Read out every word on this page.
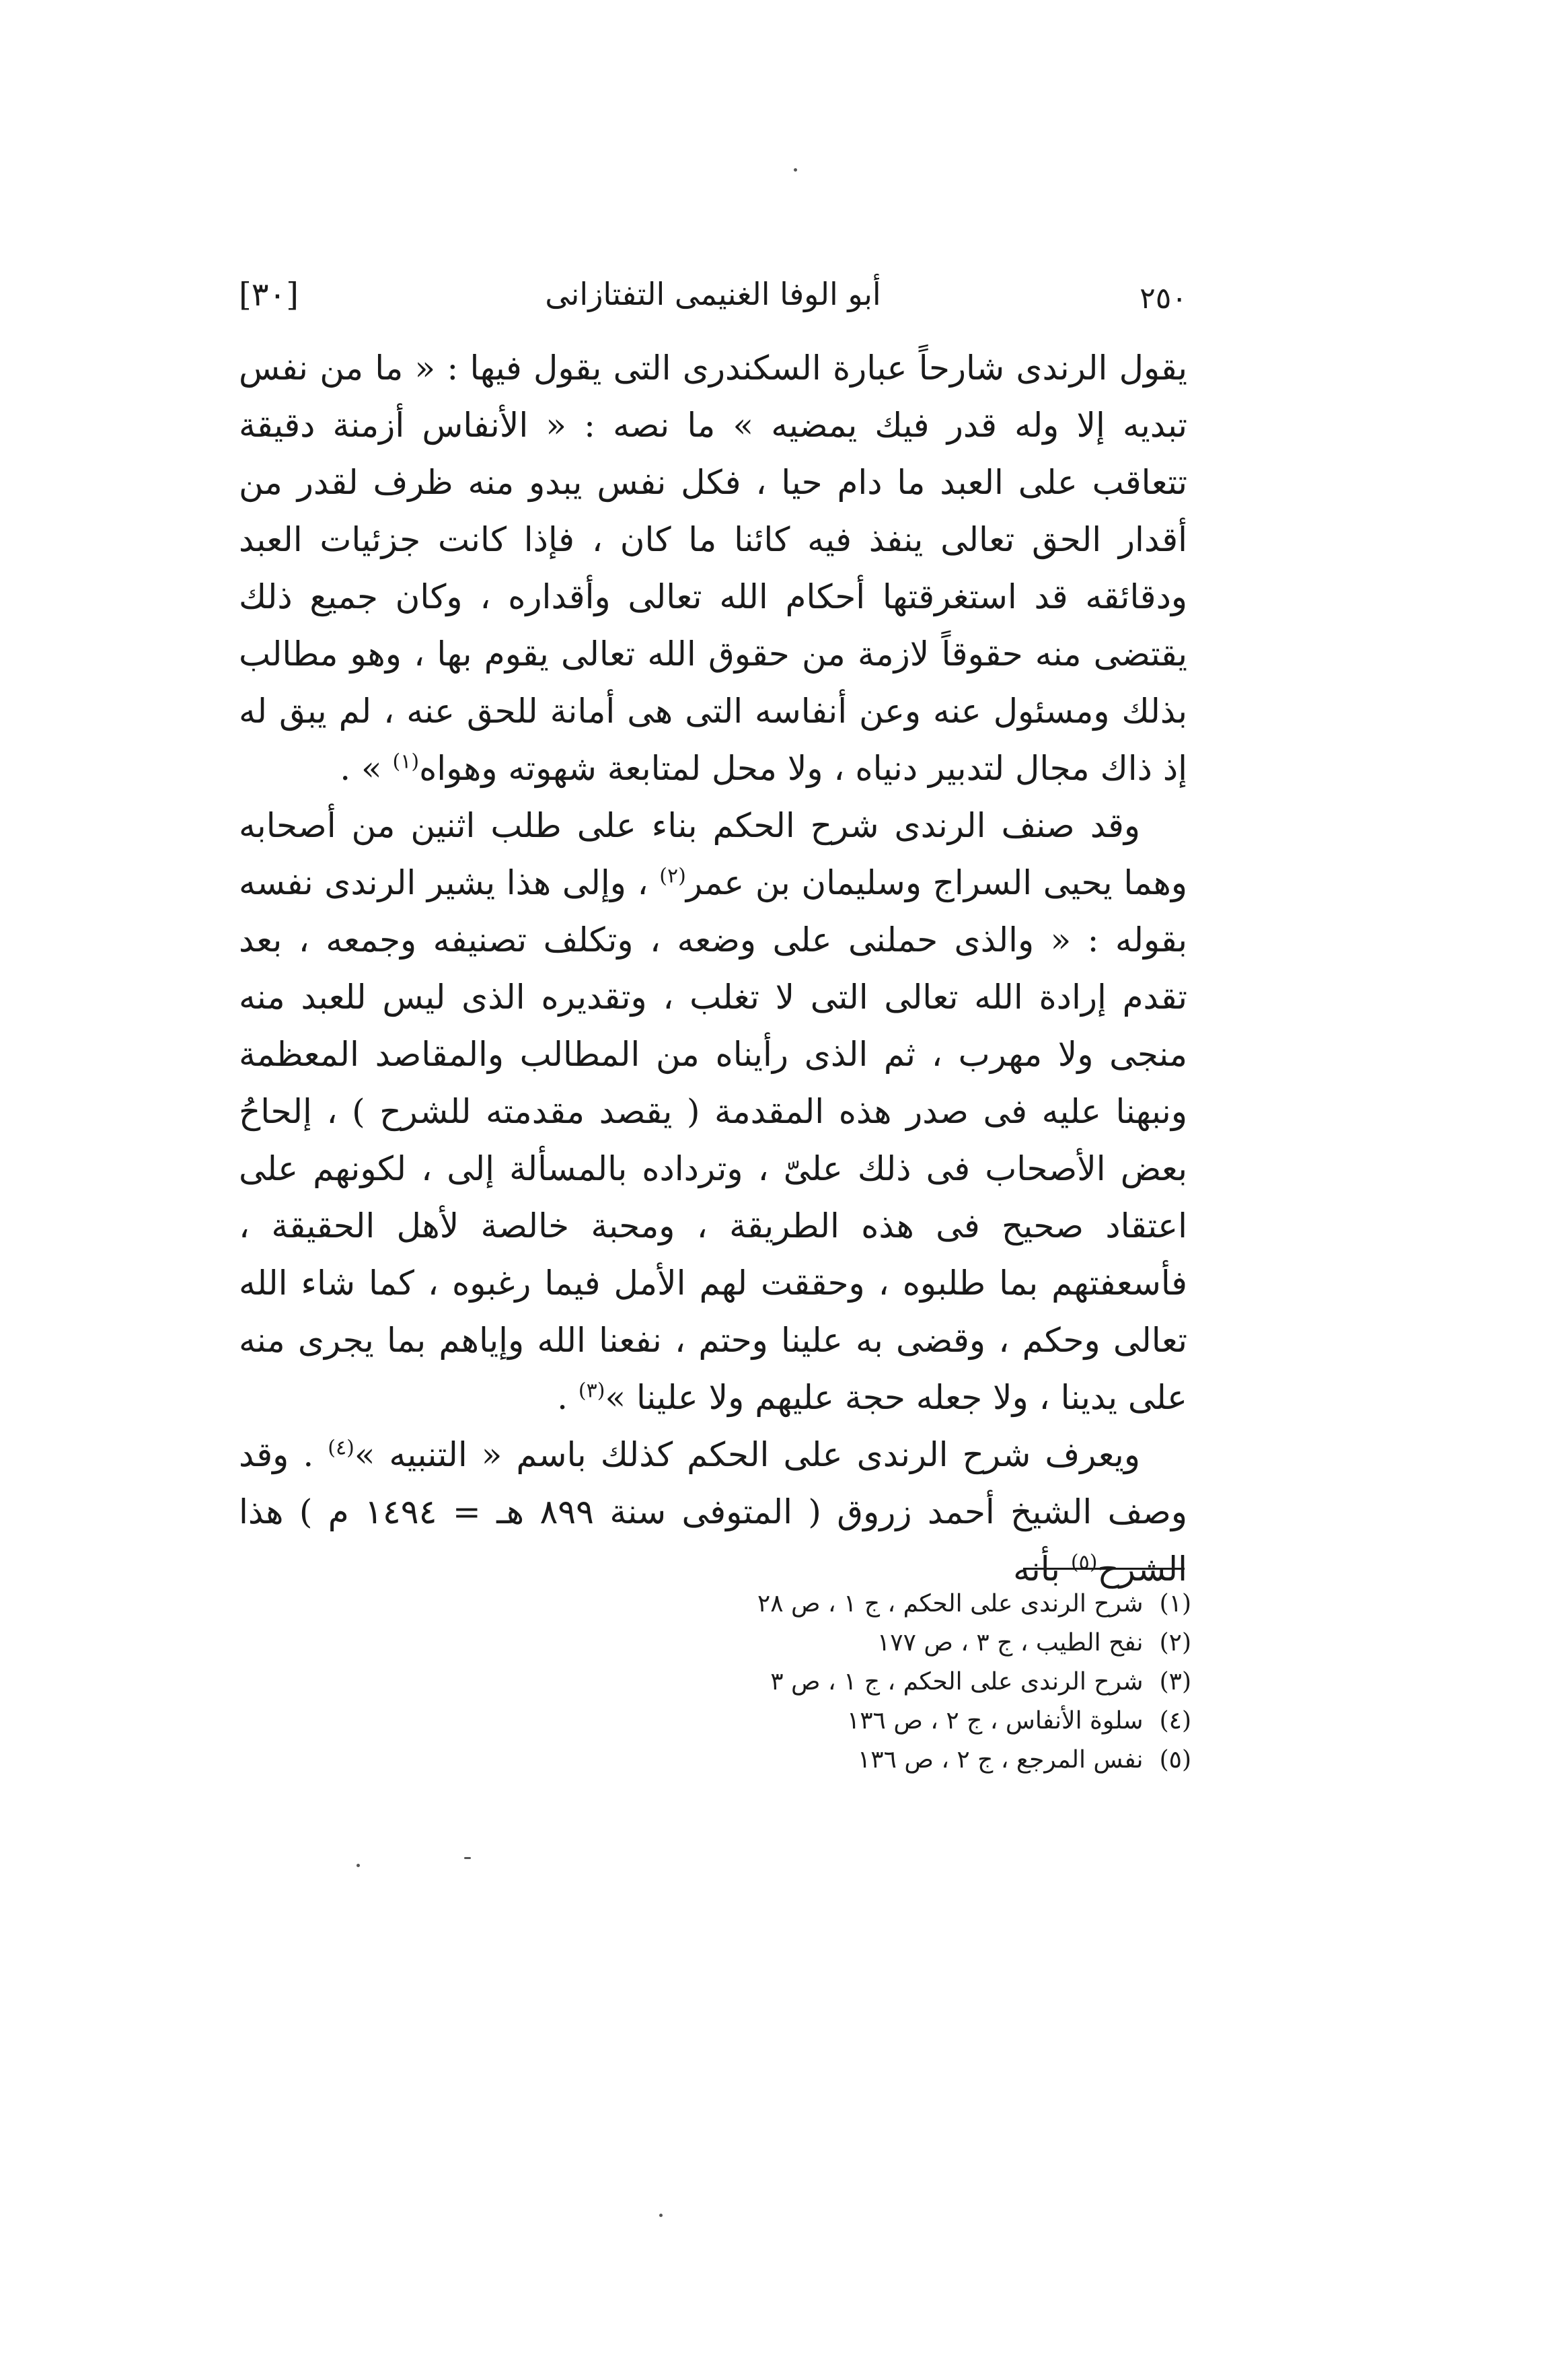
٢٥٠
أبو الوفا الغنيمى التفتازانى
[٣٠]

يقول الرندى شارحاً عبارة السكندرى التى يقول فيها : « ما من نفس تبديه إلا وله قدر فيك يمضيه » ما نصه : « الأنفاس أزمنة دقيقة تتعاقب على العبد ما دام حيا ، فكل نفس يبدو منه ظرف لقدر من أقدار الحق تعالى ينفذ فيه كائنا ما كان ، فإذا كانت جزئيات العبد ودقائقه قد استغرقتها أحكام الله تعالى وأقداره ، وكان جميع ذلك يقتضى منه حقوقاً لازمة من حقوق الله تعالى يقوم بها ، وهو مطالب بذلك ومسئول عنه وعن أنفاسه التى هى أمانة للحق عنه ، لم يبق له إذ ذاك مجال لتدبير دنياه ، ولا محل لمتابعة شهوته وهواه$^{(١)}$ » .

وقد صنف الرندى شرح الحكم بناء على طلب اثنين من أصحابه وهما يحيى السراج وسليمان بن عمر$^{(٢)}$ ، وإلى هذا يشير الرندى نفسه بقوله : « والذى حملنى على وضعه ، وتكلف تصنيفه وجمعه ، بعد تقدم إرادة الله تعالى التى لا تغلب ، وتقديره الذى ليس للعبد منه منجى ولا مهرب ، ثم الذى رأيناه من المطالب والمقاصد المعظمة ونبهنا عليه فى صدر هذه المقدمة ( يقصد مقدمته للشرح ) ، إلحاحُ بعض الأصحاب فى ذلك علىّ ، وترداده بالمسألة إلى ، لكونهم على اعتقاد صحيح فى هذه الطريقة ، ومحبة خالصة لأهل الحقيقة ، فأسعفتهم بما طلبوه ، وحققت لهم الأمل فيما رغبوه ، كما شاء الله تعالى وحكم ، وقضى به علينا وحتم ، نفعنا الله وإياهم بما يجرى منه على يدينا ، ولا جعله حجة عليهم ولا علينا »$^{(٣)}$ .

ويعرف شرح الرندى على الحكم كذلك باسم « التنبيه »$^{(٤)}$ . وقد وصف الشيخ أحمد زروق ( المتوفى سنة ٨٩٩ هـ = ١٤٩٤ م ) هذا الشرح$^{(٥)}$ بأنه

(١)شرح الرندى على الحكم ، ج ١ ، ص ٢٨
(٢)نفح الطيب ، ج ٣ ، ص ١٧٧
(٣)شرح الرندى على الحكم ، ج ١ ، ص ٣
(٤)سلوة الأنفاس ، ج ٢ ، ص ١٣٦
(٥)نفس المرجع ، ج ٢ ، ص ١٣٦
